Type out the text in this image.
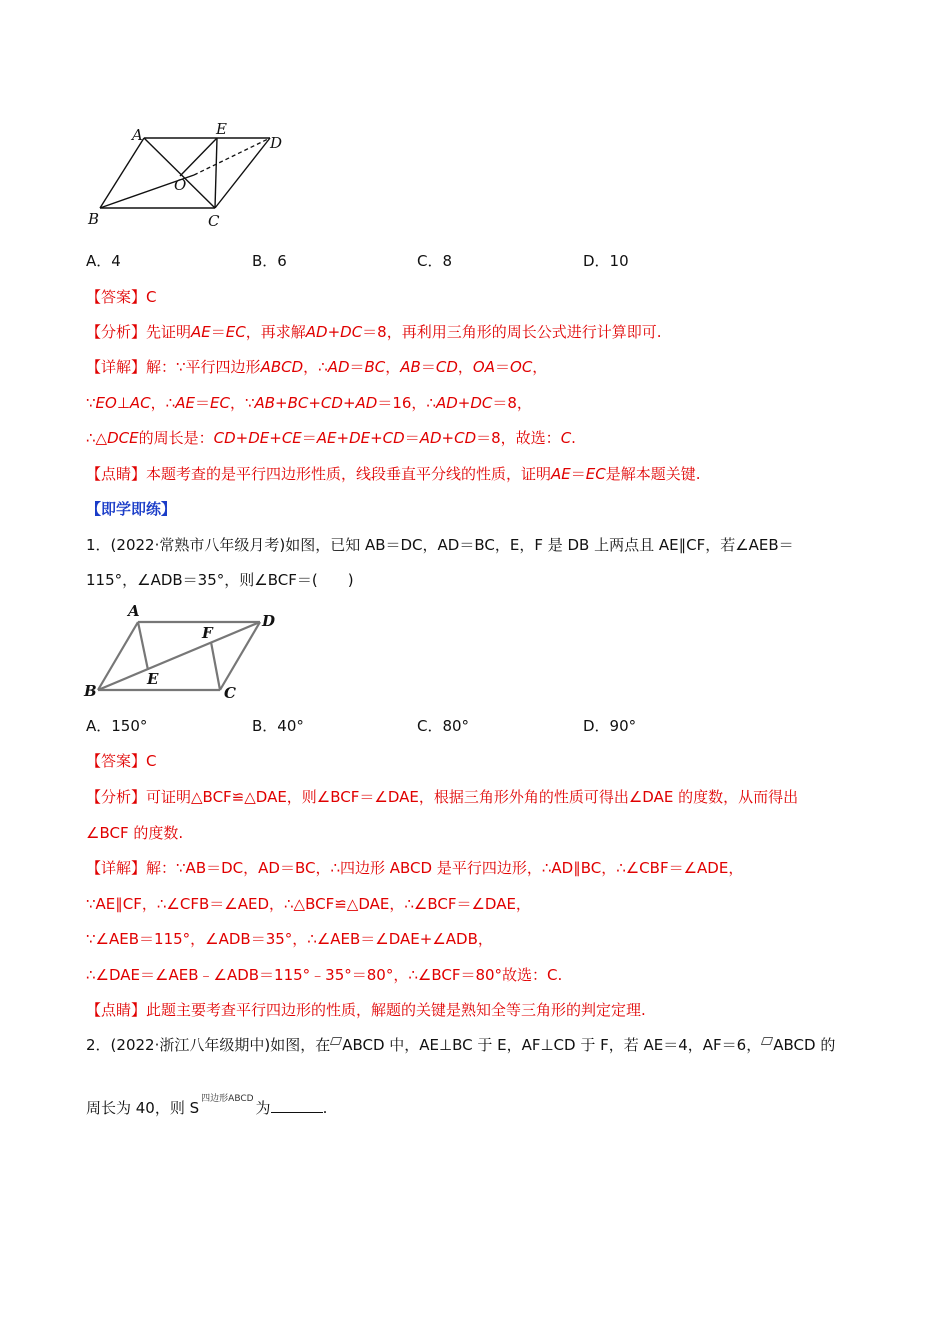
A	E
D
O
B	C
A．4	B．6	C．8	D．10
【答案】C
【分析】先证明AE＝EC，再求解AD+DC＝8，再利用三角形的周长公式进行计算即可.
【详解】解：∵平行四边形ABCD，∴AD＝BC，AB＝CD，OA＝OC，
∵EO⊥AC，∴AE＝EC，∵AB+BC+CD+AD＝16，∴AD+DC＝8，
∴△DCE的周长是：CD+DE+CE＝AE+DE+CD＝AD+CD＝8，故选：C.
【点睛】本题考查的是平行四边形性质，线段垂直平分线的性质，证明AE＝EC是解本题关键.
【即学即练】
1．(2022·常熟市八年级月考)如图，已知 AB＝DC，AD＝BC，E，F 是 DB 上两点且 AE∥CF，若∠AEB＝
115°，∠ADB＝35°，则∠BCF＝(　　)
A
D
F
E
B	C
A．150°	B．40°	C．80°	D．90°
【答案】C
【分析】可证明△BCF≌△DAE，则∠BCF＝∠DAE，根据三角形外角的性质可得出∠DAE 的度数，从而得出
∠BCF 的度数.
【详解】解：∵AB＝DC，AD＝BC，∴四边形 ABCD 是平行四边形，∴AD∥BC，∴∠CBF＝∠ADE，
∵AE∥CF，∴∠CFB＝∠AED，∴△BCF≌△DAE，∴∠BCF＝∠DAE，
∵∠AEB＝115°，∠ADB＝35°，∴∠AEB＝∠DAE+∠ADB，
∴∠DAE＝∠AEB﹣∠ADB＝115°﹣35°＝80°，∴∠BCF＝80°故选：C.
【点睛】此题主要考查平行四边形的性质，解题的关键是熟知全等三角形的判定定理.
2．(2022·浙江八年级期中)如图，在 ABCD 中，AE⊥BC 于 E，AF⊥CD 于 F，若 AE＝4，AF＝6， ABCD 的
周长为 40，则 S $^{四边形ABCD}$ 为	.
